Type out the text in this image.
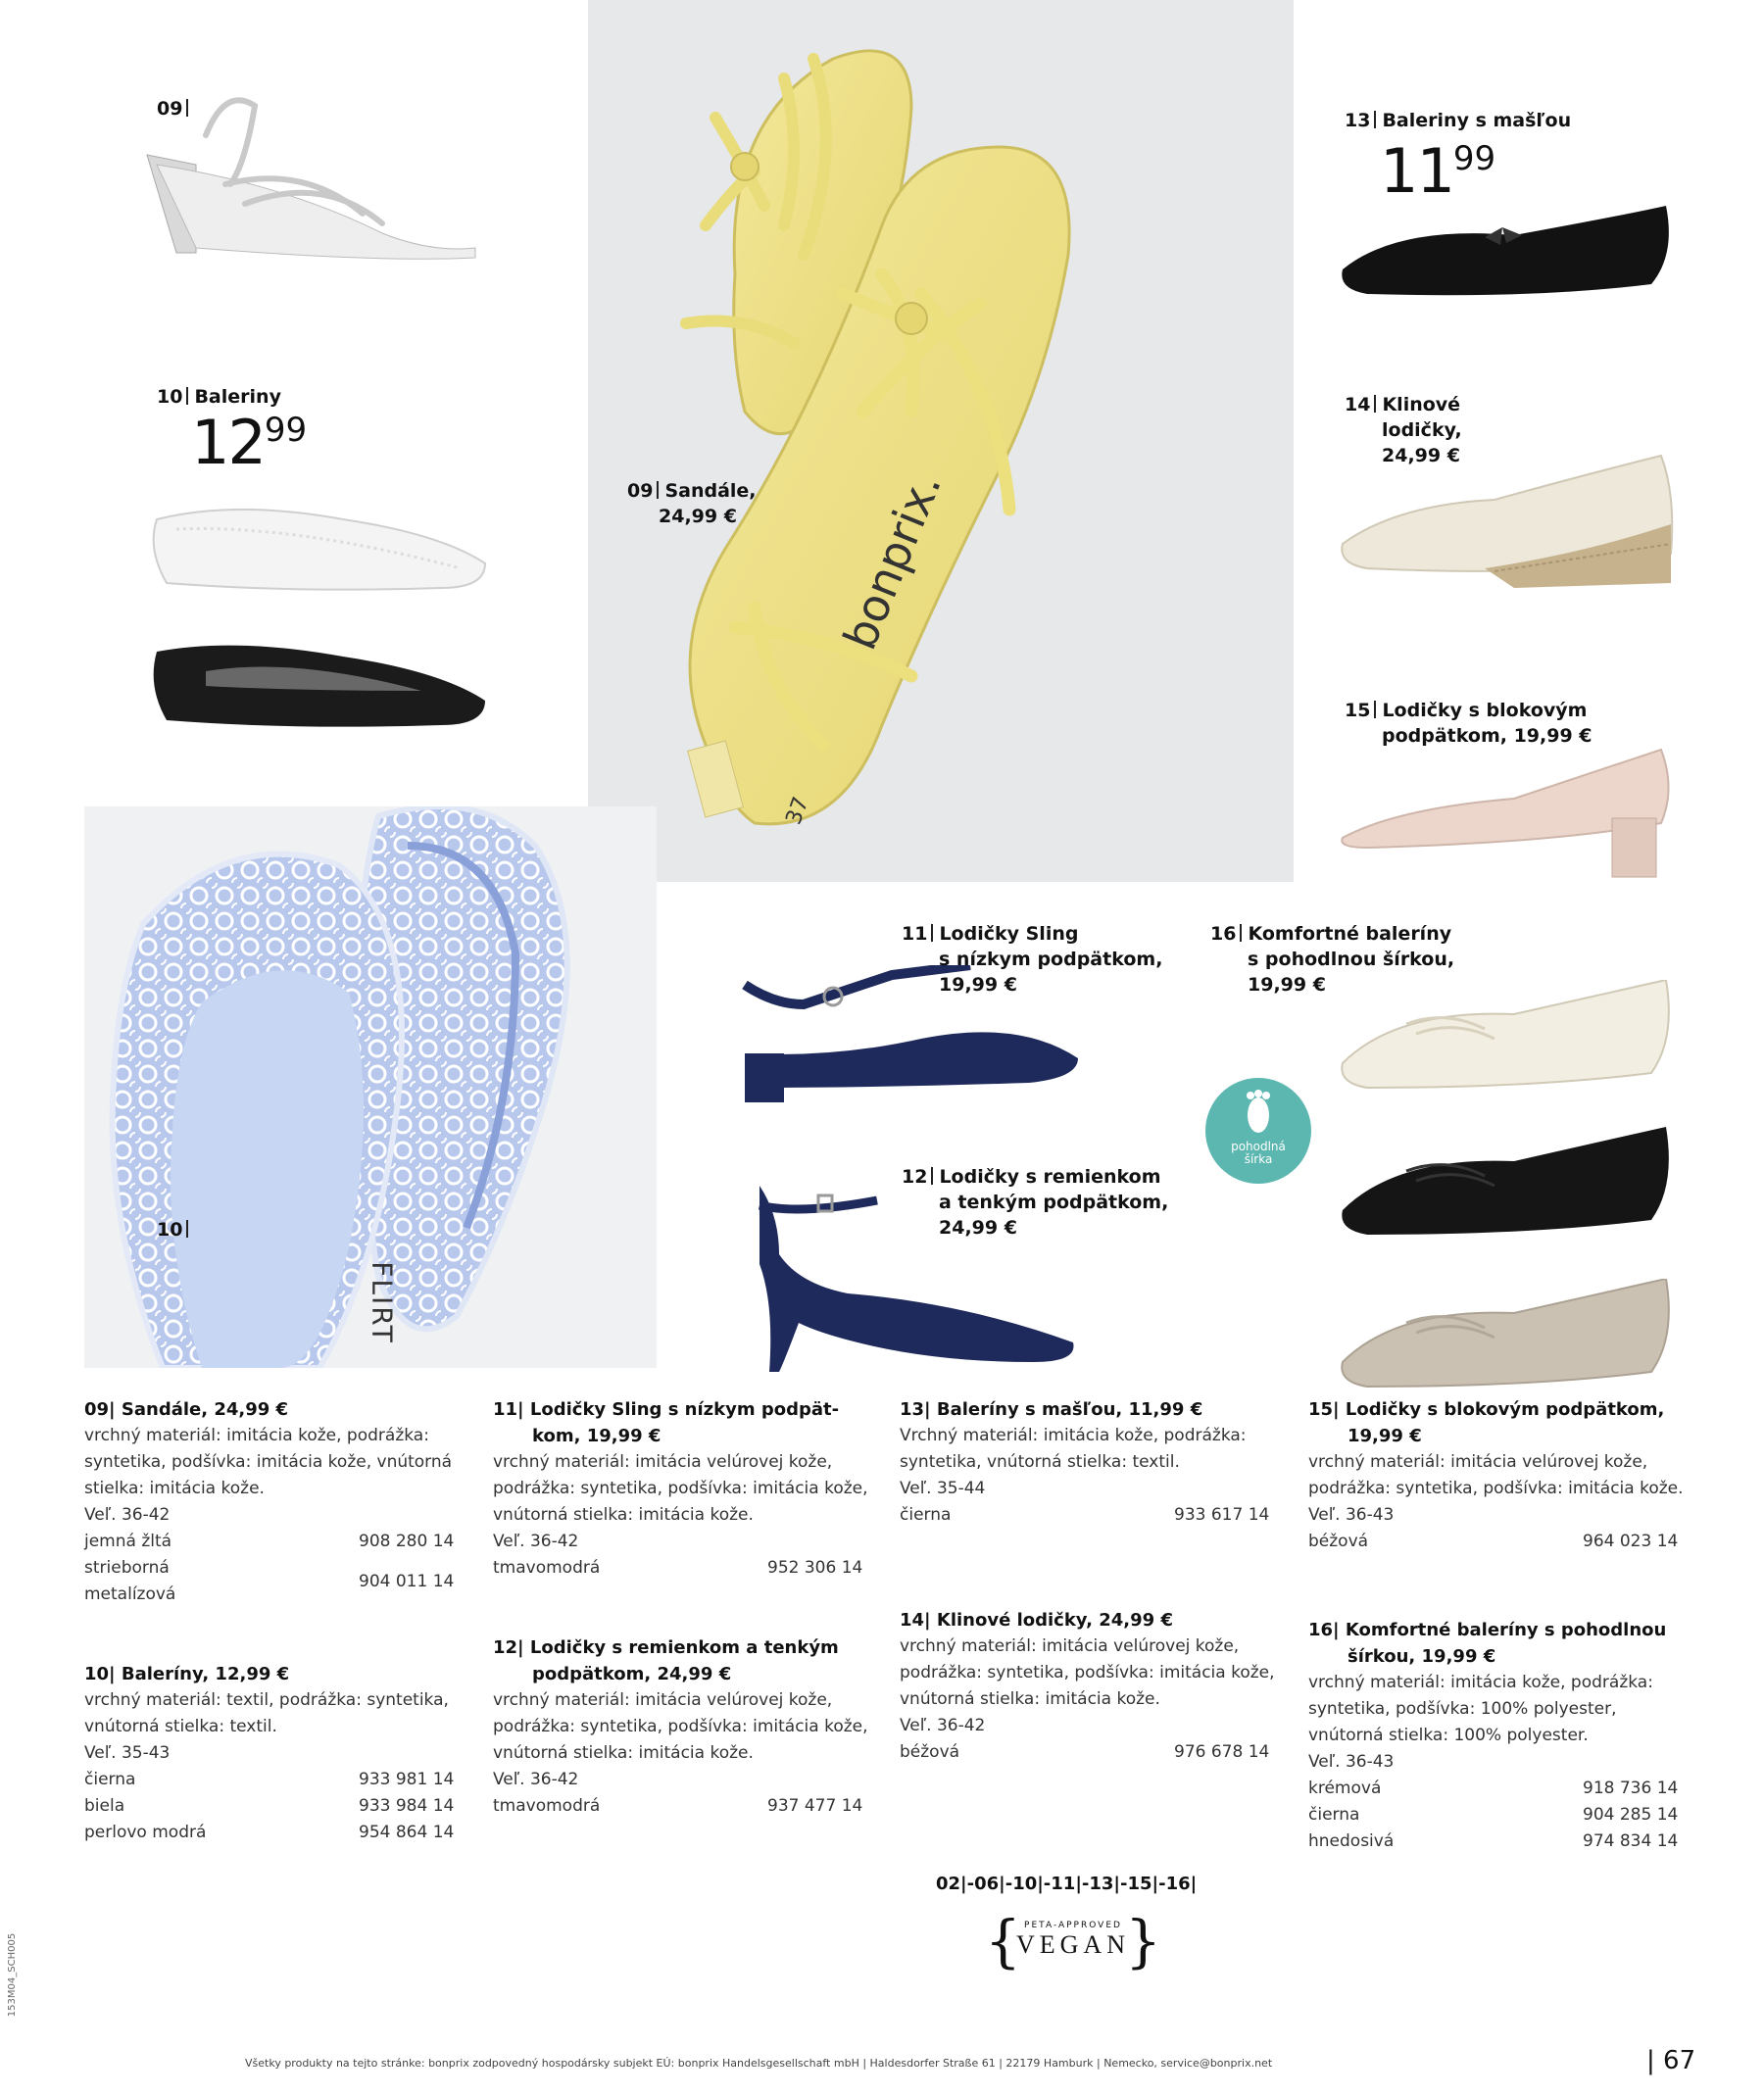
bonprix.
37
FLIRT
pohodlná
šírka
09
10 Baleriny
1299
09 Sandále,
24,99 €
13 Baleriny s mašľou
1199
14 Klinové
lodičky,
24,99 €
15 Lodičky s blokovým
podpätkom, 19,99 €
11 Lodičky Sling
s nízkym podpätkom,
19,99 €
16 Komfortné baleríny
s pohodlnou šírkou,
19,99 €
12 Lodičky s remienkom
a tenkým podpätkom,
24,99 €
10
09| Sandále, 24,99 €
vrchný materiál: imitácia kože, podrážka: syntetika, podšívka: imitácia kože, vnútorná stielka: imitácia kože.
Veľ. 36-42
jemná žltá	908 280 14
strieborná metalízová
904 011 14
10| Baleríny, 12,99 €
vrchný materiál: textil, podrážka: syntetika, vnútorná stielka: textil.
Veľ. 35-43
čierna	933 981 14
biela	933 984 14
perlovo modrá	954 864 14
11| Lodičky Sling s nízkym podpät-
kom, 19,99 €
vrchný materiál: imitácia velúrovej kože, podrážka: syntetika, podšívka: imitácia kože, vnútorná stielka: imitácia kože.
Veľ. 36-42
tmavomodrá	952 306 14
12| Lodičky s remienkom a tenkým
podpätkom, 24,99 €
vrchný materiál: imitácia velúrovej kože, podrážka: syntetika, podšívka: imitácia kože, vnútorná stielka: imitácia kože.
Veľ. 36-42
tmavomodrá	937 477 14
13| Baleríny s mašľou, 11,99 €
Vrchný materiál: imitácia kože, podrážka: syntetika, vnútorná stielka: textil.
Veľ. 35-44
čierna	933 617 14
14| Klinové lodičky, 24,99 €
vrchný materiál: imitácia velúrovej kože, podrážka: syntetika, podšívka: imitácia kože, vnútorná stielka: imitácia kože.
Veľ. 36-42
béžová	976 678 14
15| Lodičky s blokovým podpätkom,
19,99 €
vrchný materiál: imitácia velúrovej kože, podrážka: syntetika, podšívka: imitácia kože.
Veľ. 36-43
béžová	964 023 14
16| Komfortné baleríny s pohodlnou
šírkou, 19,99 €
vrchný materiál: imitácia kože, podrážka: syntetika, podšívka: 100% polyester, vnútorná stielka: 100% polyester.
Veľ. 36-43
krémová	918 736 14
čierna	904 285 14
hnedosivá	974 834 14
02|-06|-10|-11|-13|-15|-16|
{ }
PETA-APPROVED
VEGAN
Všetky produkty na tejto stránke: bonprix zodpovedný hospodársky subjekt EÚ: bonprix Handelsgesellschaft mbH | Haldesdorfer Straße 61 | 22179 Hamburk | Nemecko, service@bonprix.net	| 67
153M04_SCH005
